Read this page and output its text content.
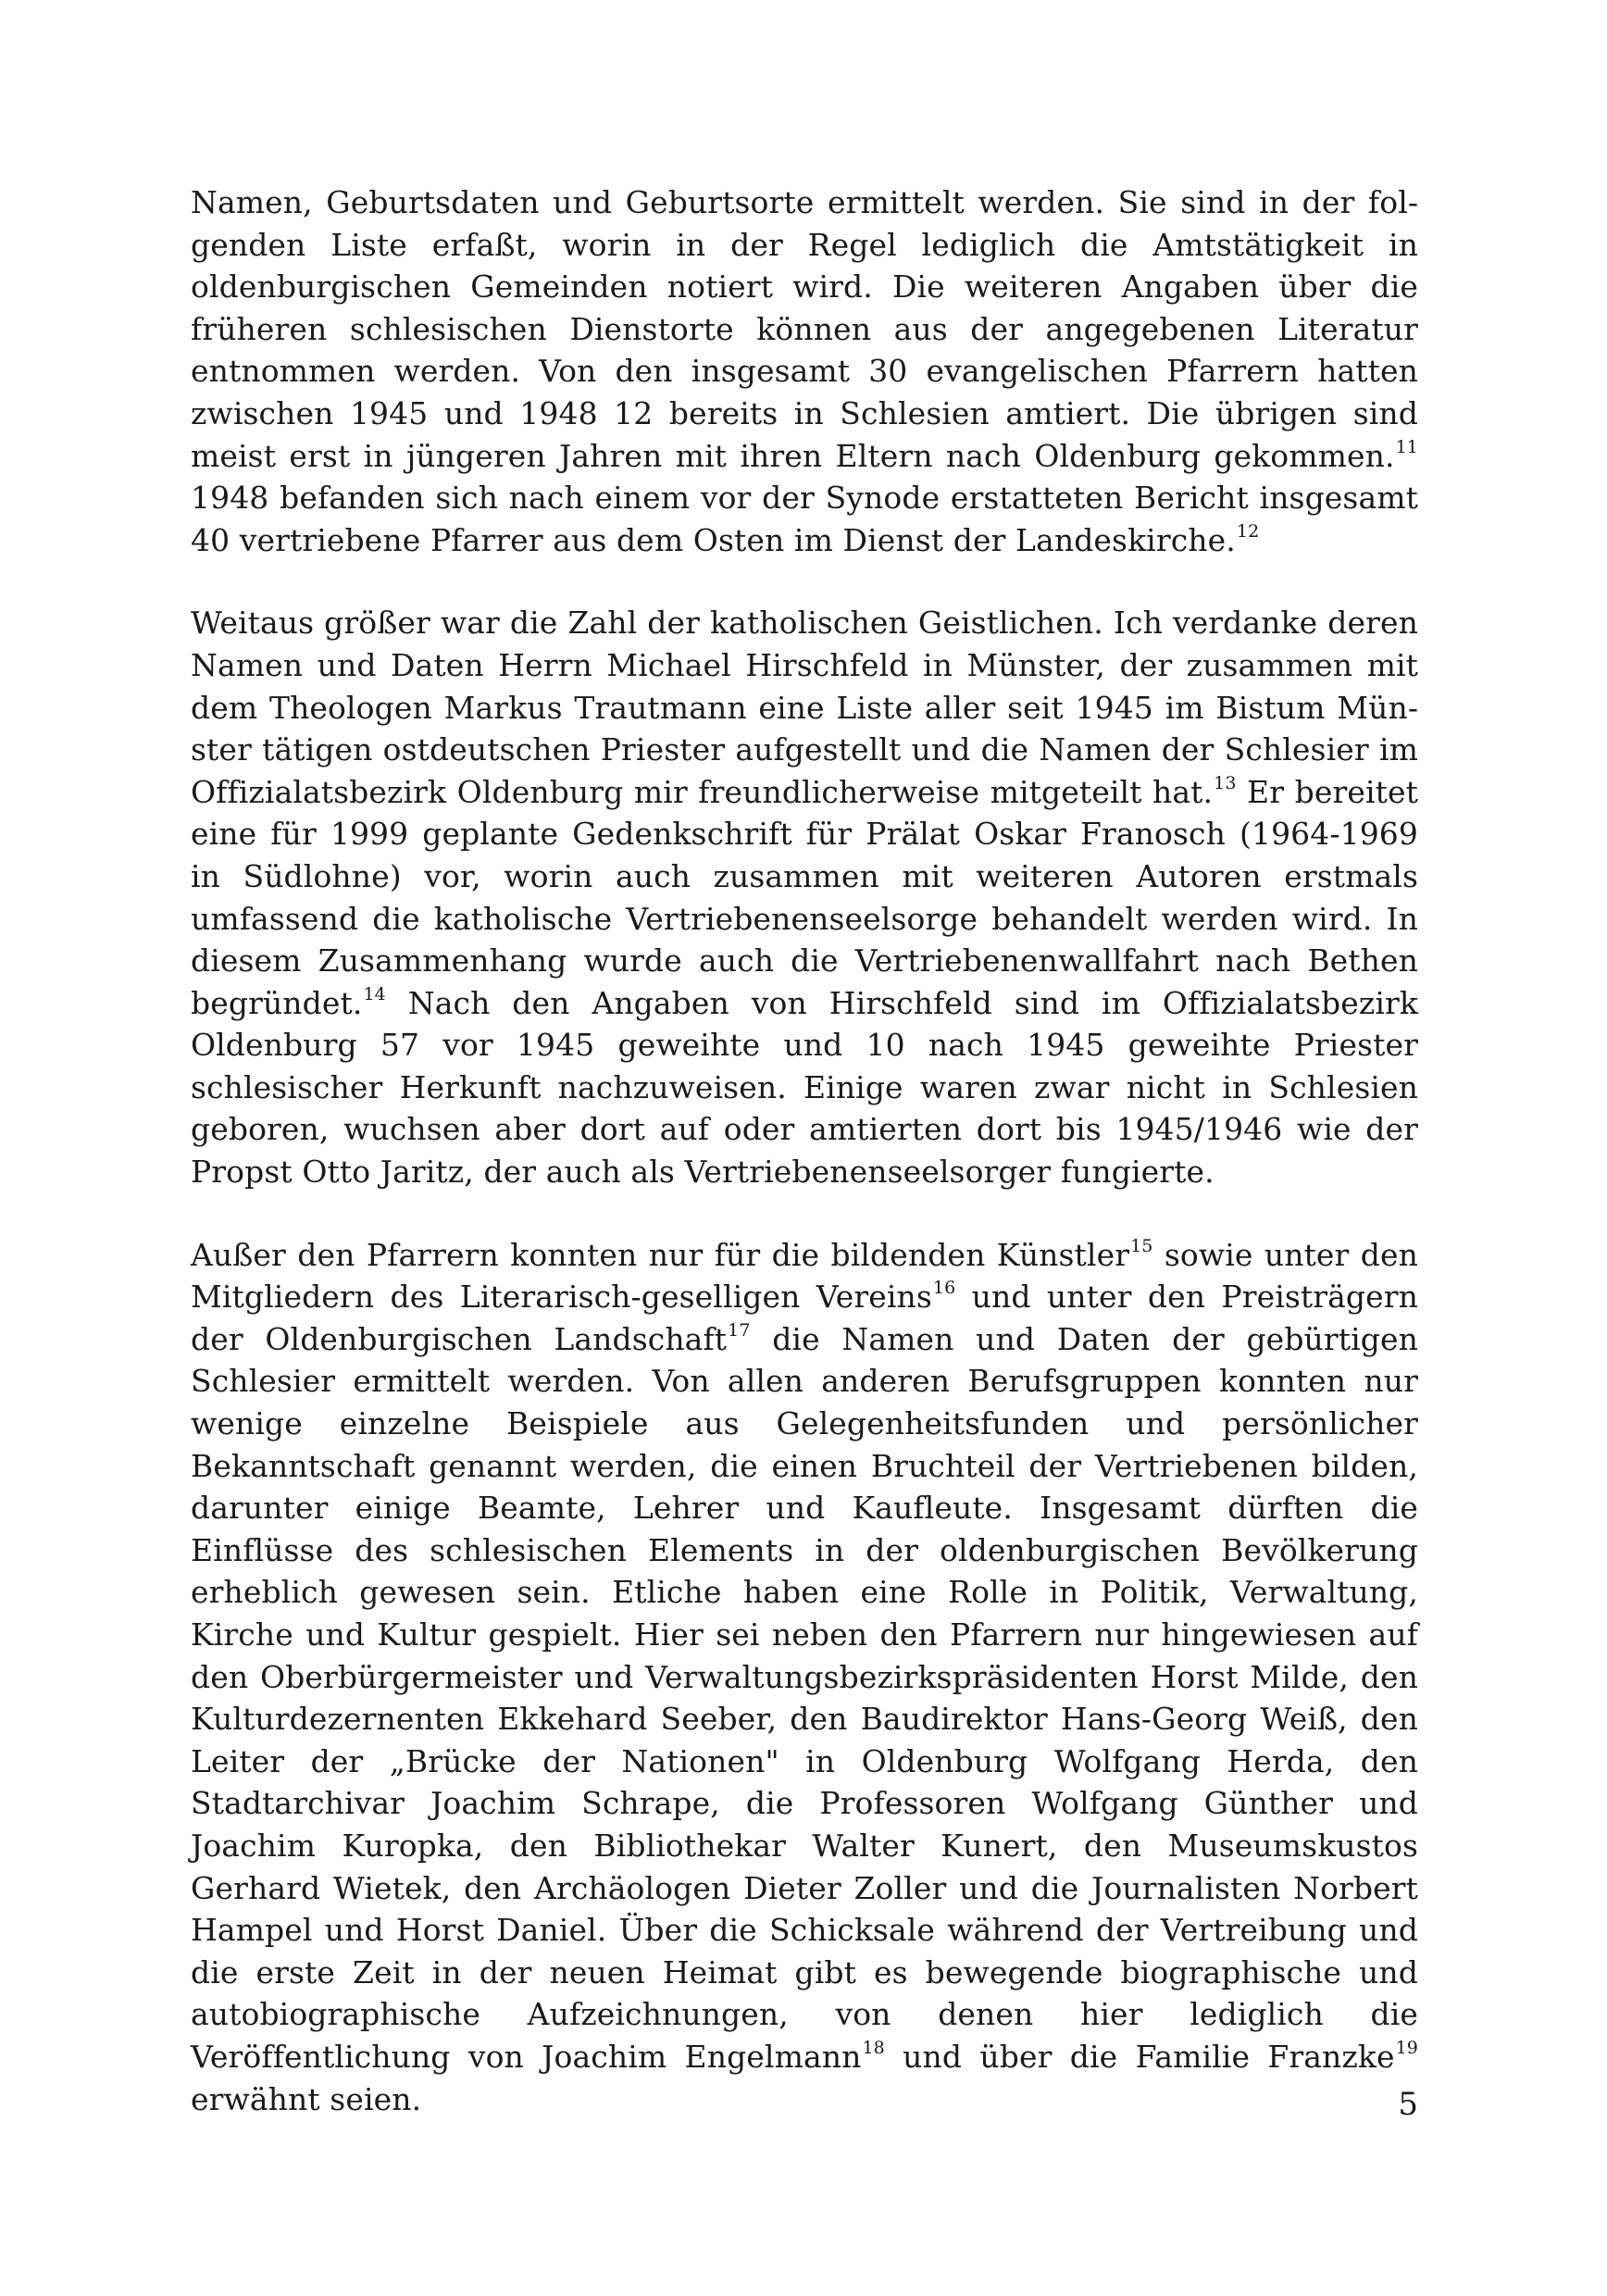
Namen, Geburtsdaten und Geburtsorte ermittelt werden. Sie sind in der folgenden Liste erfaßt, worin in der Regel lediglich die Amtstätigkeit in oldenburgischen Gemeinden notiert wird. Die weiteren Angaben über die früheren schlesischen Dienstorte können aus der angegebenen Literatur entnommen werden. Von den insgesamt 30 evangelischen Pfarrern hatten zwischen 1945 und 1948 12 bereits in Schlesien amtiert. Die übrigen sind meist erst in jüngeren Jahren mit ihren Eltern nach Oldenburg gekommen.$^{11}$ 1948 befanden sich nach einem vor der Synode erstatteten Bericht insgesamt 40 vertriebene Pfarrer aus dem Osten im Dienst der Landeskirche.$^{12}$

Weitaus größer war die Zahl der katholischen Geistlichen. Ich verdanke deren Namen und Daten Herrn Michael Hirschfeld in Münster, der zusammen mit dem Theologen Markus Trautmann eine Liste aller seit 1945 im Bistum Münster tätigen ostdeutschen Priester aufgestellt und die Namen der Schlesier im Offizialatsbezirk Oldenburg mir freundlicherweise mitgeteilt hat.$^{13}$ Er bereitet eine für 1999 geplante Gedenkschrift für Prälat Oskar Franosch (1964-1969 in Südlohne) vor, worin auch zusammen mit weiteren Autoren erstmals umfassend die katholische Vertriebenenseelsorge behandelt werden wird. In diesem Zusammenhang wurde auch die Vertriebenenwallfahrt nach Bethen begründet.$^{14}$ Nach den Angaben von Hirschfeld sind im Offizialatsbezirk Oldenburg 57 vor 1945 geweihte und 10 nach 1945 geweihte Priester schlesischer Herkunft nachzuweisen. Einige waren zwar nicht in Schlesien geboren, wuchsen aber dort auf oder amtierten dort bis 1945/1946 wie der Propst Otto Jaritz, der auch als Vertriebenenseelsorger fungierte.

Außer den Pfarrern konnten nur für die bildenden Künstler$^{15}$ sowie unter den Mitgliedern des Literarisch-geselligen Vereins$^{16}$ und unter den Preisträgern der Oldenburgischen Landschaft$^{17}$ die Namen und Daten der gebürtigen Schlesier ermittelt werden. Von allen anderen Berufsgruppen konnten nur wenige einzelne Beispiele aus Gelegenheitsfunden und persönlicher Bekanntschaft genannt werden, die einen Bruchteil der Vertriebenen bilden, darunter einige Beamte, Lehrer und Kaufleute. Insgesamt dürften die Einflüsse des schlesischen Elements in der oldenburgischen Bevölkerung erheblich gewesen sein. Etliche haben eine Rolle in Politik, Verwaltung, Kirche und Kultur gespielt. Hier sei neben den Pfarrern nur hingewiesen auf den Oberbürgermeister und Verwaltungsbezirkspräsidenten Horst Milde, den Kulturdezernenten Ekkehard Seeber, den Baudirektor Hans-Georg Weiß, den Leiter der „Brücke der Nationen" in Oldenburg Wolfgang Herda, den Stadtarchivar Joachim Schrape, die Professoren Wolfgang Günther und Joachim Kuropka, den Bibliothekar Walter Kunert, den Museumskustos Gerhard Wietek, den Archäologen Dieter Zoller und die Journalisten Norbert Hampel und Horst Daniel. Über die Schicksale während der Vertreibung und die erste Zeit in der neuen Heimat gibt es bewegende biographische und autobiographische Aufzeichnungen, von denen hier lediglich die Veröffentlichung von Joachim Engelmann$^{18}$ und über die Familie Franzke$^{19}$ erwähnt seien.	5
